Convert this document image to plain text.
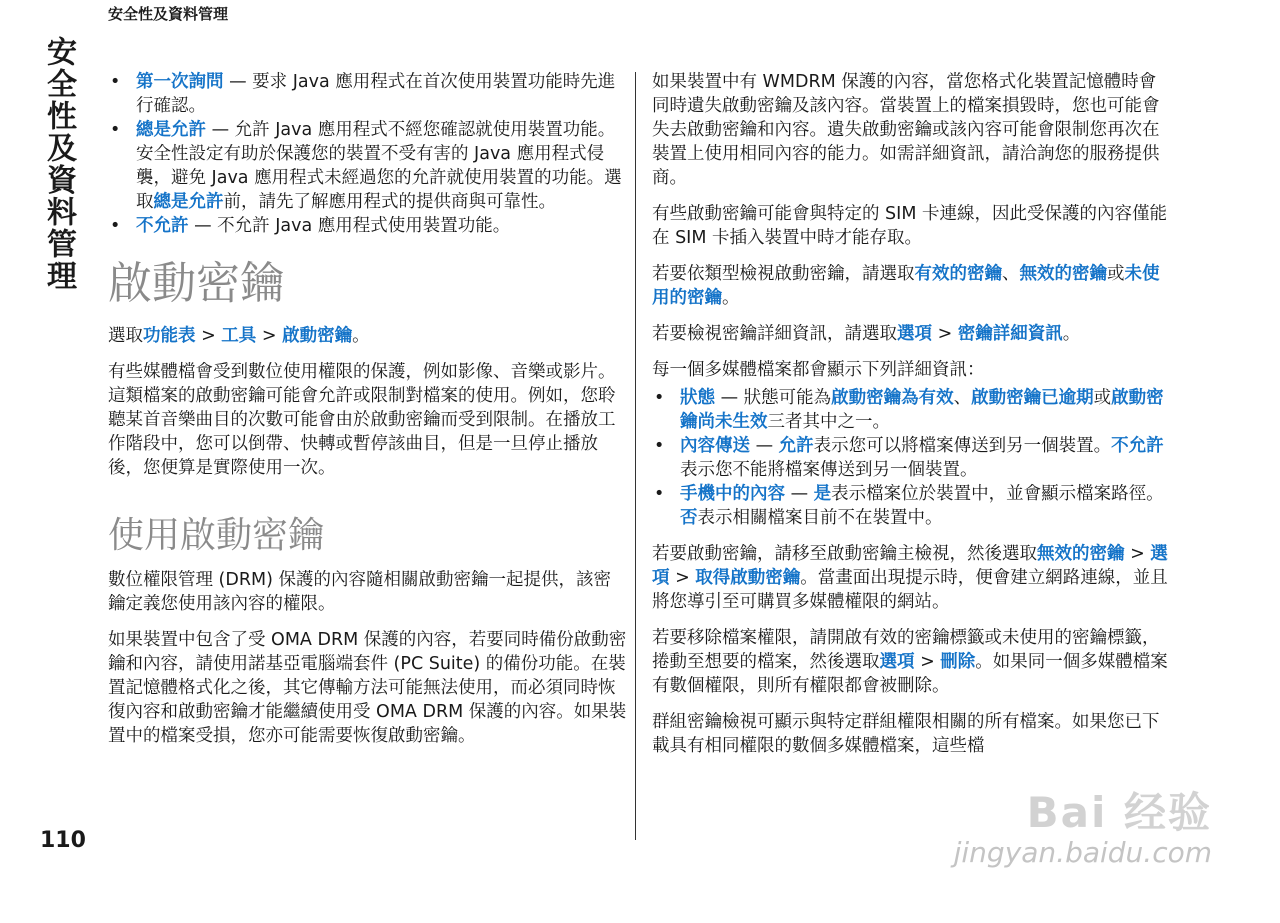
安全性及資料管理
安全性及資料管理
110
• 第一次詢問 — 要求 Java 應用程式在首次使用裝置功能時先進行確認。
• 總是允許 — 允許 Java 應用程式不經您確認就使用裝置功能。安全性設定有助於保護您的裝置不受有害的 Java 應用程式侵襲，避免 Java 應用程式未經過您的允許就使用裝置的功能。選取總是允許前，請先了解應用程式的提供商與可靠性。
• 不允許 — 不允許 Java 應用程式使用裝置功能。
啟動密鑰

選取功能表 > 工具 > 啟動密鑰。

有些媒體檔會受到數位使用權限的保護，例如影像、音樂或影片。這類檔案的啟動密鑰可能會允許或限制對檔案的使用。例如，您聆聽某首音樂曲目的次數可能會由於啟動密鑰而受到限制。在播放工作階段中，您可以倒帶、快轉或暫停該曲目，但是一旦停止播放後，您便算是實際使用一次。

使用啟動密鑰

數位權限管理 (DRM) 保護的內容隨相關啟動密鑰一起提供，該密鑰定義您使用該內容的權限。

如果裝置中包含了受 OMA DRM 保護的內容，若要同時備份啟動密鑰和內容，請使用諾基亞電腦端套件 (PC Suite) 的備份功能。在裝置記憶體格式化之後，其它傳輸方法可能無法使用，而必須同時恢復內容和啟動密鑰才能繼續使用受 OMA DRM 保護的內容。如果裝置中的檔案受損，您亦可能需要恢復啟動密鑰。

如果裝置中有 WMDRM 保護的內容，當您格式化裝置記憶體時會同時遺失啟動密鑰及該內容。當裝置上的檔案損毀時，您也可能會失去啟動密鑰和內容。遺失啟動密鑰或該內容可能會限制您再次在裝置上使用相同內容的能力。如需詳細資訊，請洽詢您的服務提供商。

有些啟動密鑰可能會與特定的 SIM 卡連線，因此受保護的內容僅能在 SIM 卡插入裝置中時才能存取。

若要依類型檢視啟動密鑰，請選取有效的密鑰、無效的密鑰或未使用的密鑰。

若要檢視密鑰詳細資訊，請選取選項 > 密鑰詳細資訊。

每一個多媒體檔案都會顯示下列詳細資訊：

• 狀態 — 狀態可能為啟動密鑰為有效、啟動密鑰已逾期或啟動密鑰尚未生效三者其中之一。
• 內容傳送 — 允許表示您可以將檔案傳送到另一個裝置。不允許表示您不能將檔案傳送到另一個裝置。
• 手機中的內容 — 是表示檔案位於裝置中，並會顯示檔案路徑。否表示相關檔案目前不在裝置中。

若要啟動密鑰，請移至啟動密鑰主檢視，然後選取無效的密鑰 > 選項 > 取得啟動密鑰。當畫面出現提示時，便會建立網路連線，並且將您導引至可購買多媒體權限的網站。

若要移除檔案權限，請開啟有效的密鑰標籤或未使用的密鑰標籤，捲動至想要的檔案，然後選取選項 > 刪除。如果同一個多媒體檔案有數個權限，則所有權限都會被刪除。

群組密鑰檢視可顯示與特定群組權限相關的所有檔案。如果您已下載具有相同權限的數個多媒體檔案，這些檔

Bai 经验
jingyan.baidu.com
